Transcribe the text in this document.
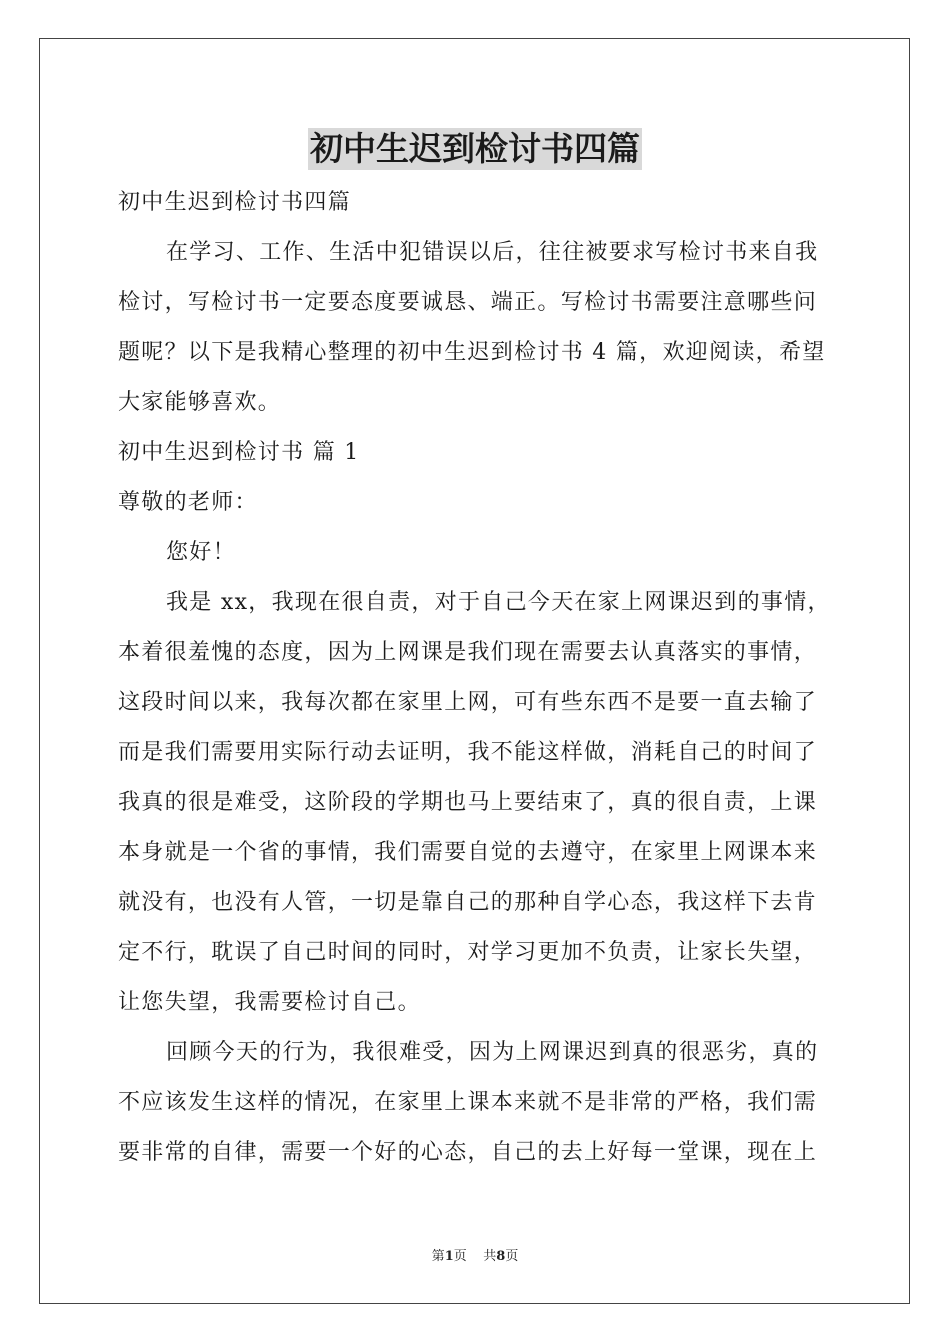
初中生迟到检讨书四篇
初中生迟到检讨书四篇
在学习、工作、生活中犯错误以后，往往被要求写检讨书来自我
检讨，写检讨书一定要态度要诚恳、端正。写检讨书需要注意哪些问
题呢？以下是我精心整理的初中生迟到检讨书 4 篇，欢迎阅读，希望
大家能够喜欢。
初中生迟到检讨书 篇 1
尊敬的老师：
您好！
我是 xx，我现在很自责，对于自己今天在家上网课迟到的事情，
本着很羞愧的态度，因为上网课是我们现在需要去认真落实的事情，
这段时间以来，我每次都在家里上网，可有些东西不是要一直去输了
而是我们需要用实际行动去证明，我不能这样做，消耗自己的时间了
我真的很是难受，这阶段的学期也马上要结束了，真的很自责，上课
本身就是一个省的事情，我们需要自觉的去遵守，在家里上网课本来
就没有，也没有人管，一切是靠自己的那种自学心态，我这样下去肯
定不行，耽误了自己时间的同时，对学习更加不负责，让家长失望，
让您失望，我需要检讨自己。
回顾今天的行为，我很难受，因为上网课迟到真的很恶劣，真的
不应该发生这样的情况，在家里上课本来就不是非常的严格，我们需
要非常的自律，需要一个好的心态，自己的去上好每一堂课，现在上
第1页    共8页
